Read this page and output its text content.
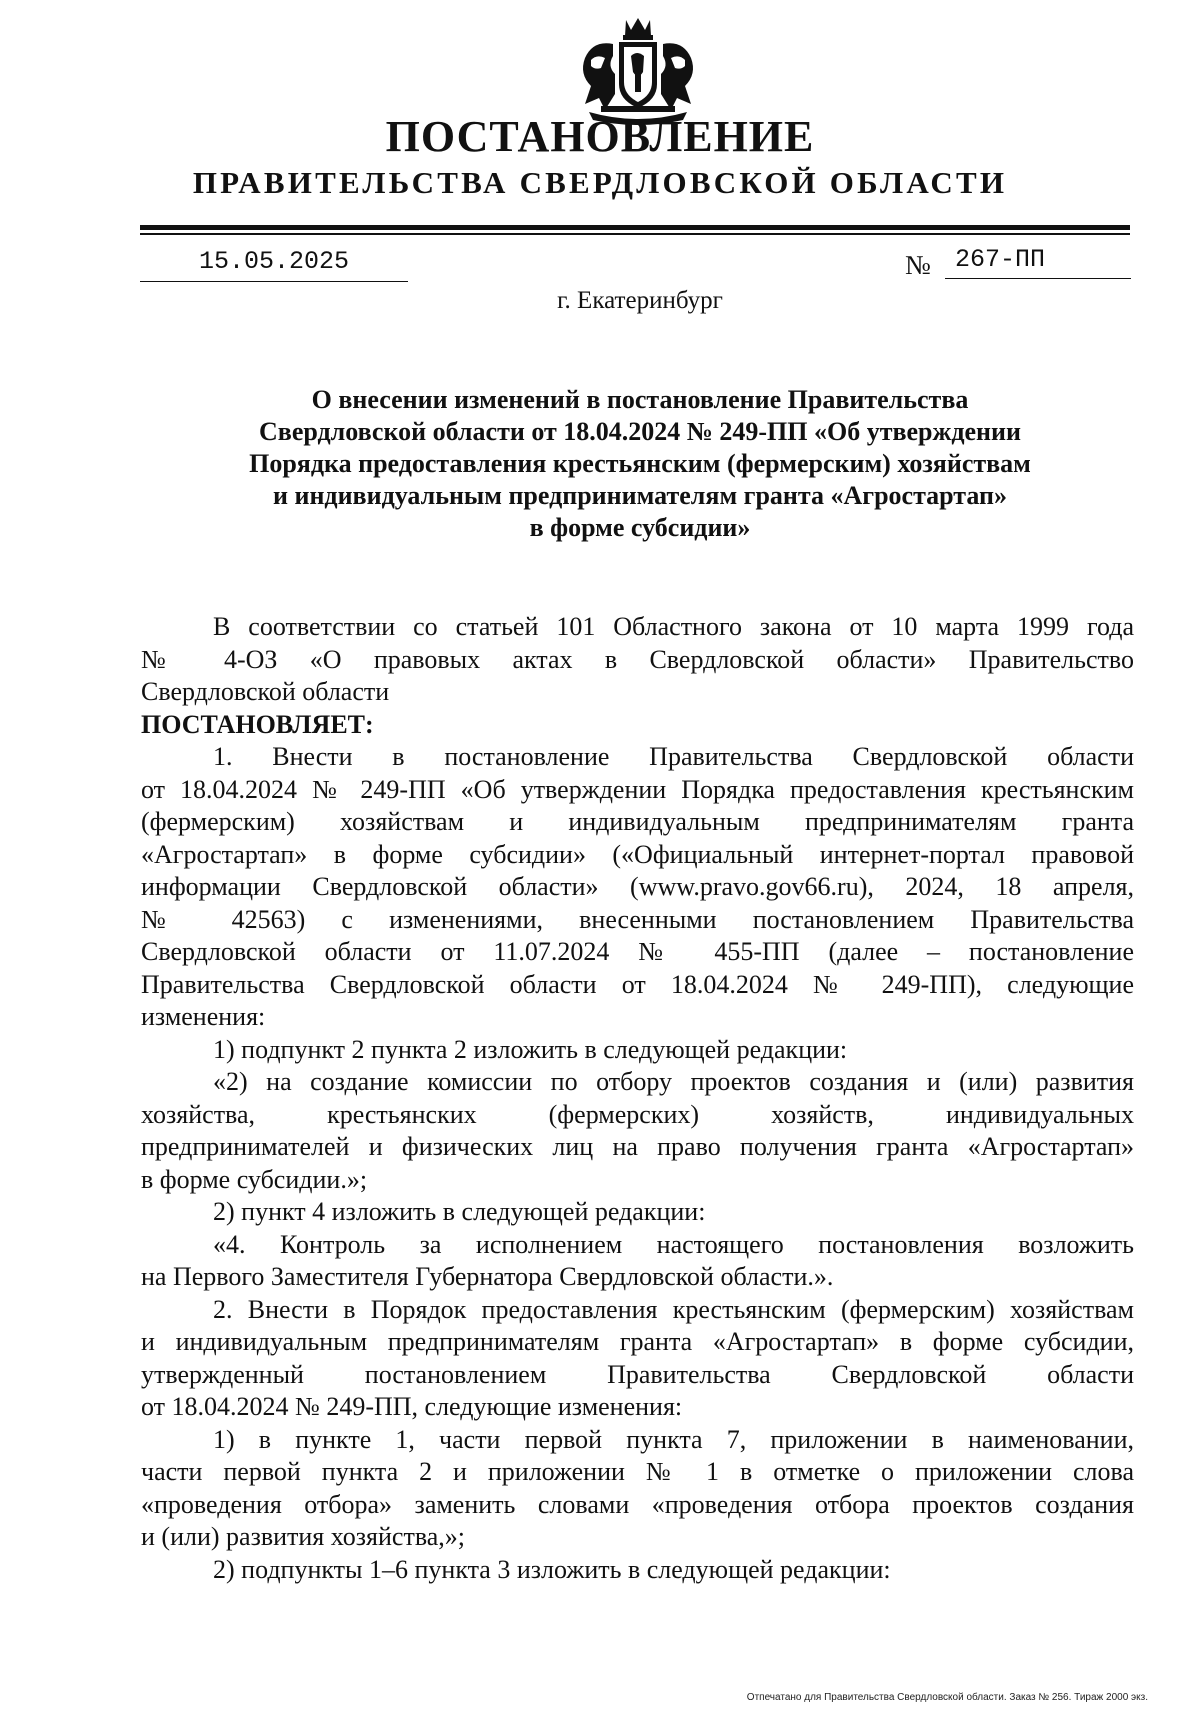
ПОСТАНОВЛЕНИЕ
ПРАВИТЕЛЬСТВА СВЕРДЛОВСКОЙ ОБЛАСТИ
15.05.2025	№ 267-ПП
г. Екатеринбург
О внесении изменений в постановление Правительства
Свердловской области от 18.04.2024 № 249-ПП «Об утверждении
Порядка предоставления крестьянским (фермерским) хозяйствам
и индивидуальным предпринимателям гранта «Агростартап»
в форме субсидии»
В соответствии со статьей 101 Областного закона от 10 марта 1999 года
№ 4-ОЗ «О правовых актах в Свердловской области» Правительство
Свердловской области
ПОСТАНОВЛЯЕТ:
1. Внести в постановление Правительства Свердловской области
от 18.04.2024 № 249-ПП «Об утверждении Порядка предоставления крестьянским
(фермерским) хозяйствам и индивидуальным предпринимателям гранта
«Агростартап» в форме субсидии» («Официальный интернет-портал правовой
информации Свердловской области» (www.pravo.gov66.ru), 2024, 18 апреля,
№ 42563) с изменениями, внесенными постановлением Правительства
Свердловской области от 11.07.2024 № 455-ПП (далее – постановление
Правительства Свердловской области от 18.04.2024 № 249-ПП), следующие
изменения:
1) подпункт 2 пункта 2 изложить в следующей редакции:
«2) на создание комиссии по отбору проектов создания и (или) развития
хозяйства, крестьянских (фермерских) хозяйств, индивидуальных
предпринимателей и физических лиц на право получения гранта «Агростартап»
в форме субсидии.»;
2) пункт 4 изложить в следующей редакции:
«4. Контроль за исполнением настоящего постановления возложить
на Первого Заместителя Губернатора Свердловской области.».
2. Внести в Порядок предоставления крестьянским (фермерским) хозяйствам
и индивидуальным предпринимателям гранта «Агростартап» в форме субсидии,
утвержденный постановлением Правительства Свердловской области
от 18.04.2024 № 249-ПП, следующие изменения:
1) в пункте 1, части первой пункта 7, приложении в наименовании,
части первой пункта 2 и приложении № 1 в отметке о приложении слова
«проведения отбора» заменить словами «проведения отбора проектов создания
и (или) развития хозяйства,»;
2) подпункты 1–6 пункта 3 изложить в следующей редакции:
Отпечатано для Правительства Свердловской области. Заказ № 256. Тираж 2000 экз.
